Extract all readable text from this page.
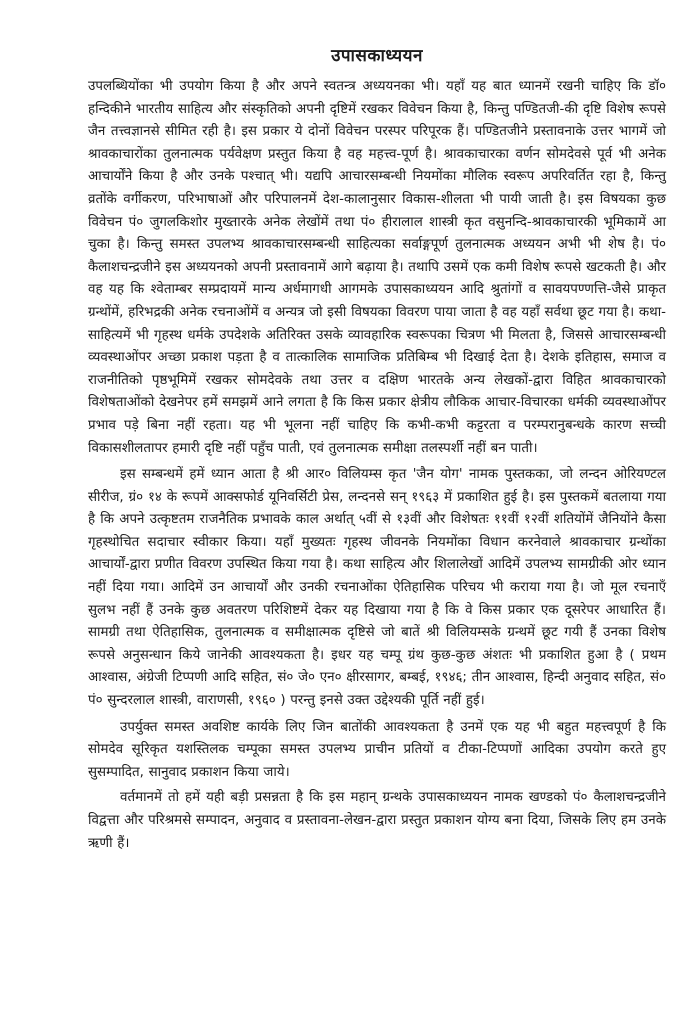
उपासकाध्ययन

उपलब्धियोंका भी उपयोग किया है और अपने स्वतन्त्र अध्ययनका भी। यहाँ यह बात ध्यानमें रखनी चाहिए कि डॉ० हन्दिकीने भारतीय साहित्य और संस्कृतिको अपनी दृष्टिमें रखकर विवेचन किया है, किन्तु पण्डितजी-की दृष्टि विशेष रूपसे जैन तत्त्वज्ञानसे सीमित रही है। इस प्रकार ये दोनों विवेचन परस्पर परिपूरक हैं। पण्डितजीने प्रस्तावनाके उत्तर भागमें जो श्रावकाचारोंका तुलनात्मक पर्यवेक्षण प्रस्तुत किया है वह महत्त्व-पूर्ण है। श्रावकाचारका वर्णन सोमदेवसे पूर्व भी अनेक आचार्योंने किया है और उनके पश्चात् भी। यद्यपि आचारसम्बन्धी नियमोंका मौलिक स्वरूप अपरिवर्तित रहा है, किन्तु व्रतोंके वर्गीकरण, परिभाषाओं और परिपालनमें देश-कालानुसार विकास-शीलता भी पायी जाती है। इस विषयका कुछ विवेचन पं० जुगलकिशोर मुख्तारके अनेक लेखोंमें तथा पं० हीरालाल शास्त्री कृत वसुनन्दि-श्रावकाचारकी भूमिकामें आ चुका है। किन्तु समस्त उपलभ्य श्रावकाचारसम्बन्धी साहित्यका सर्वाङ्गपूर्ण तुलनात्मक अध्ययन अभी भी शेष है। पं० कैलाशचन्द्रजीने इस अध्ययनको अपनी प्रस्तावनामें आगे बढ़ाया है। तथापि उसमें एक कमी विशेष रूपसे खटकती है। और वह यह कि श्वेताम्बर सम्प्रदायमें मान्य अर्धमागधी आगमके उपासकाध्ययन आदि श्रुतांगों व सावयपण्णत्ति-जैसे प्राकृत ग्रन्थोंमें, हरिभद्रकी अनेक रचनाओंमें व अन्यत्र जो इसी विषयका विवरण पाया जाता है वह यहाँ सर्वथा छूट गया है। कथा-साहित्यमें भी गृहस्थ धर्मके उपदेशके अतिरिक्त उसके व्यावहारिक स्वरूपका चित्रण भी मिलता है, जिससे आचारसम्बन्धी व्यवस्थाओंपर अच्छा प्रकाश पड़ता है व तात्कालिक सामाजिक प्रतिबिम्ब भी दिखाई देता है। देशके इतिहास, समाज व राजनीतिको पृष्ठभूमिमें रखकर सोमदेवके तथा उत्तर व दक्षिण भारतके अन्य लेखकों-द्वारा विहित श्रावकाचारको विशेषताओंको देखनेपर हमें समझमें आने लगता है कि किस प्रकार क्षेत्रीय लौकिक आचार-विचारका धर्मकी व्यवस्थाओंपर प्रभाव पड़े बिना नहीं रहता। यह भी भूलना नहीं चाहिए कि कभी-कभी कट्टरता व परम्परानुबन्धके कारण सच्ची विकासशीलतापर हमारी दृष्टि नहीं पहुँच पाती, एवं तुलनात्मक समीक्षा तलस्पर्शी नहीं बन पाती।

इस सम्बन्धमें हमें ध्यान आता है श्री आर० विलियम्स कृत 'जैन योग' नामक पुस्तकका, जो लन्दन ओरियण्टल सीरीज, ग्रं० १४ के रूपमें आक्सफोर्ड यूनिवर्सिटी प्रेस, लन्दनसे सन् १९६३ में प्रकाशित हुई है। इस पुस्तकमें बतलाया गया है कि अपने उत्कृष्टतम राजनैतिक प्रभावके काल अर्थात् ५वीं से १३वीं और विशेषतः ११वीं १२वीं शतियोंमें जैनियोंने कैसा गृहस्थोचित सदाचार स्वीकार किया। यहाँ मुख्यतः गृहस्थ जीवनके नियमोंका विधान करनेवाले श्रावकाचार ग्रन्थोंका आचार्यों-द्वारा प्रणीत विवरण उपस्थित किया गया है। कथा साहित्य और शिलालेखों आदिमें उपलभ्य सामग्रीकी ओर ध्यान नहीं दिया गया। आदिमें उन आचार्यों और उनकी रचनाओंका ऐतिहासिक परिचय भी कराया गया है। जो मूल रचनाएँ सुलभ नहीं हैं उनके कुछ अवतरण परिशिष्टमें देकर यह दिखाया गया है कि वे किस प्रकार एक दूसरेपर आधारित हैं। सामग्री तथा ऐतिहासिक, तुलनात्मक व समीक्षात्मक दृष्टिसे जो बातें श्री विलियम्सके ग्रन्थमें छूट गयी हैं उनका विशेष रूपसे अनुसन्धान किये जानेकी आवश्यकता है। इधर यह चम्पू ग्रंथ कुछ-कुछ अंशतः भी प्रकाशित हुआ है ( प्रथम आश्वास, अंग्रेजी टिप्पणी आदि सहित, सं० जे० एन० क्षीरसागर, बम्बई, १९४६; तीन आश्वास, हिन्दी अनुवाद सहित, सं० पं० सुन्दरलाल शास्त्री, वाराणसी, १९६० ) परन्तु इनसे उक्त उद्देश्यकी पूर्ति नहीं हुई।

उपर्युक्त समस्त अवशिष्ट कार्यके लिए जिन बातोंकी आवश्यकता है उनमें एक यह भी बहुत महत्त्वपूर्ण है कि सोमदेव सूरिकृत यशस्तिलक चम्पूका समस्त उपलभ्य प्राचीन प्रतियों व टीका-टिप्पणों आदिका उपयोग करते हुए सुसम्पादित, सानुवाद प्रकाशन किया जाये।

वर्तमानमें तो हमें यही बड़ी प्रसन्नता है कि इस महान् ग्रन्थके उपासकाध्ययन नामक खण्डको पं० कैलाशचन्द्रजीने विद्वत्ता और परिश्रमसे सम्पादन, अनुवाद व प्रस्तावना-लेखन-द्वारा प्रस्तुत प्रकाशन योग्य बना दिया, जिसके लिए हम उनके ऋणी हैं।
